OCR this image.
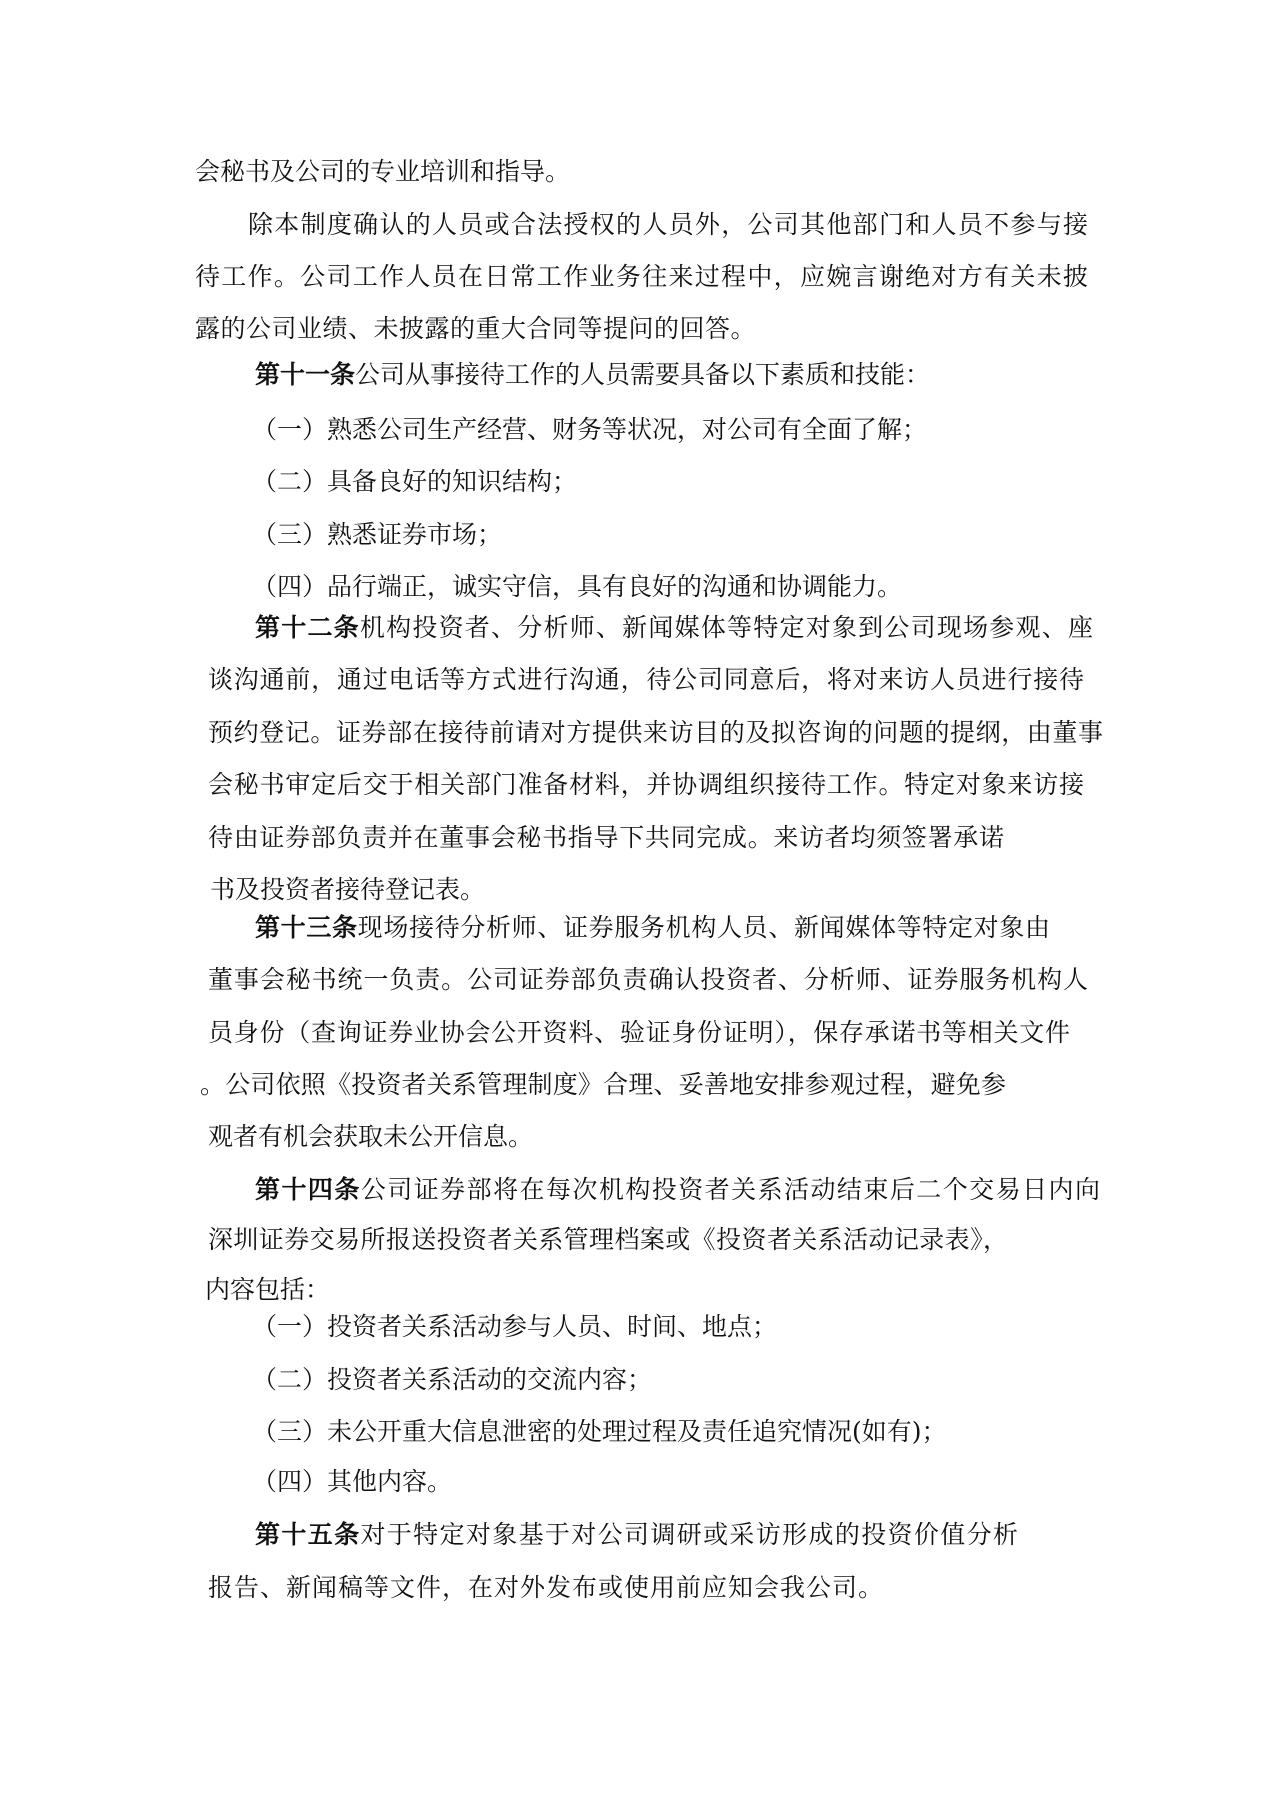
会秘书及公司的专业培训和指导。
除本制度确认的人员或合法授权的人员外，公司其他部门和人员不参与接
待工作。公司工作人员在日常工作业务往来过程中，应婉言谢绝对方有关未披
露的公司业绩、未披露的重大合同等提问的回答。
第十一条公司从事接待工作的人员需要具备以下素质和技能：
（一）熟悉公司生产经营、财务等状况，对公司有全面了解；
（二）具备良好的知识结构；
（三）熟悉证券市场；
（四）品行端正，诚实守信，具有良好的沟通和协调能力。
第十二条机构投资者、分析师、新闻媒体等特定对象到公司现场参观、座
谈沟通前，通过电话等方式进行沟通，待公司同意后，将对来访人员进行接待
预约登记。证券部在接待前请对方提供来访目的及拟咨询的问题的提纲，由董事
会秘书审定后交于相关部门准备材料，并协调组织接待工作。特定对象来访接
待由证券部负责并在董事会秘书指导下共同完成。来访者均须签署承诺
书及投资者接待登记表。
第十三条现场接待分析师、证券服务机构人员、新闻媒体等特定对象由
董事会秘书统一负责。公司证券部负责确认投资者、分析师、证券服务机构人
员身份（查询证券业协会公开资料、验证身份证明），保存承诺书等相关文件
。公司依照《投资者关系管理制度》合理、妥善地安排参观过程，避免参
观者有机会获取未公开信息。
第十四条公司证券部将在每次机构投资者关系活动结束后二个交易日内向
深圳证券交易所报送投资者关系管理档案或《投资者关系活动记录表》，
内容包括：
（一）投资者关系活动参与人员、时间、地点；
（二）投资者关系活动的交流内容；
（三）未公开重大信息泄密的处理过程及责任追究情况(如有)；
（四）其他内容。
第十五条对于特定对象基于对公司调研或采访形成的投资价值分析
报告、新闻稿等文件，在对外发布或使用前应知会我公司。
